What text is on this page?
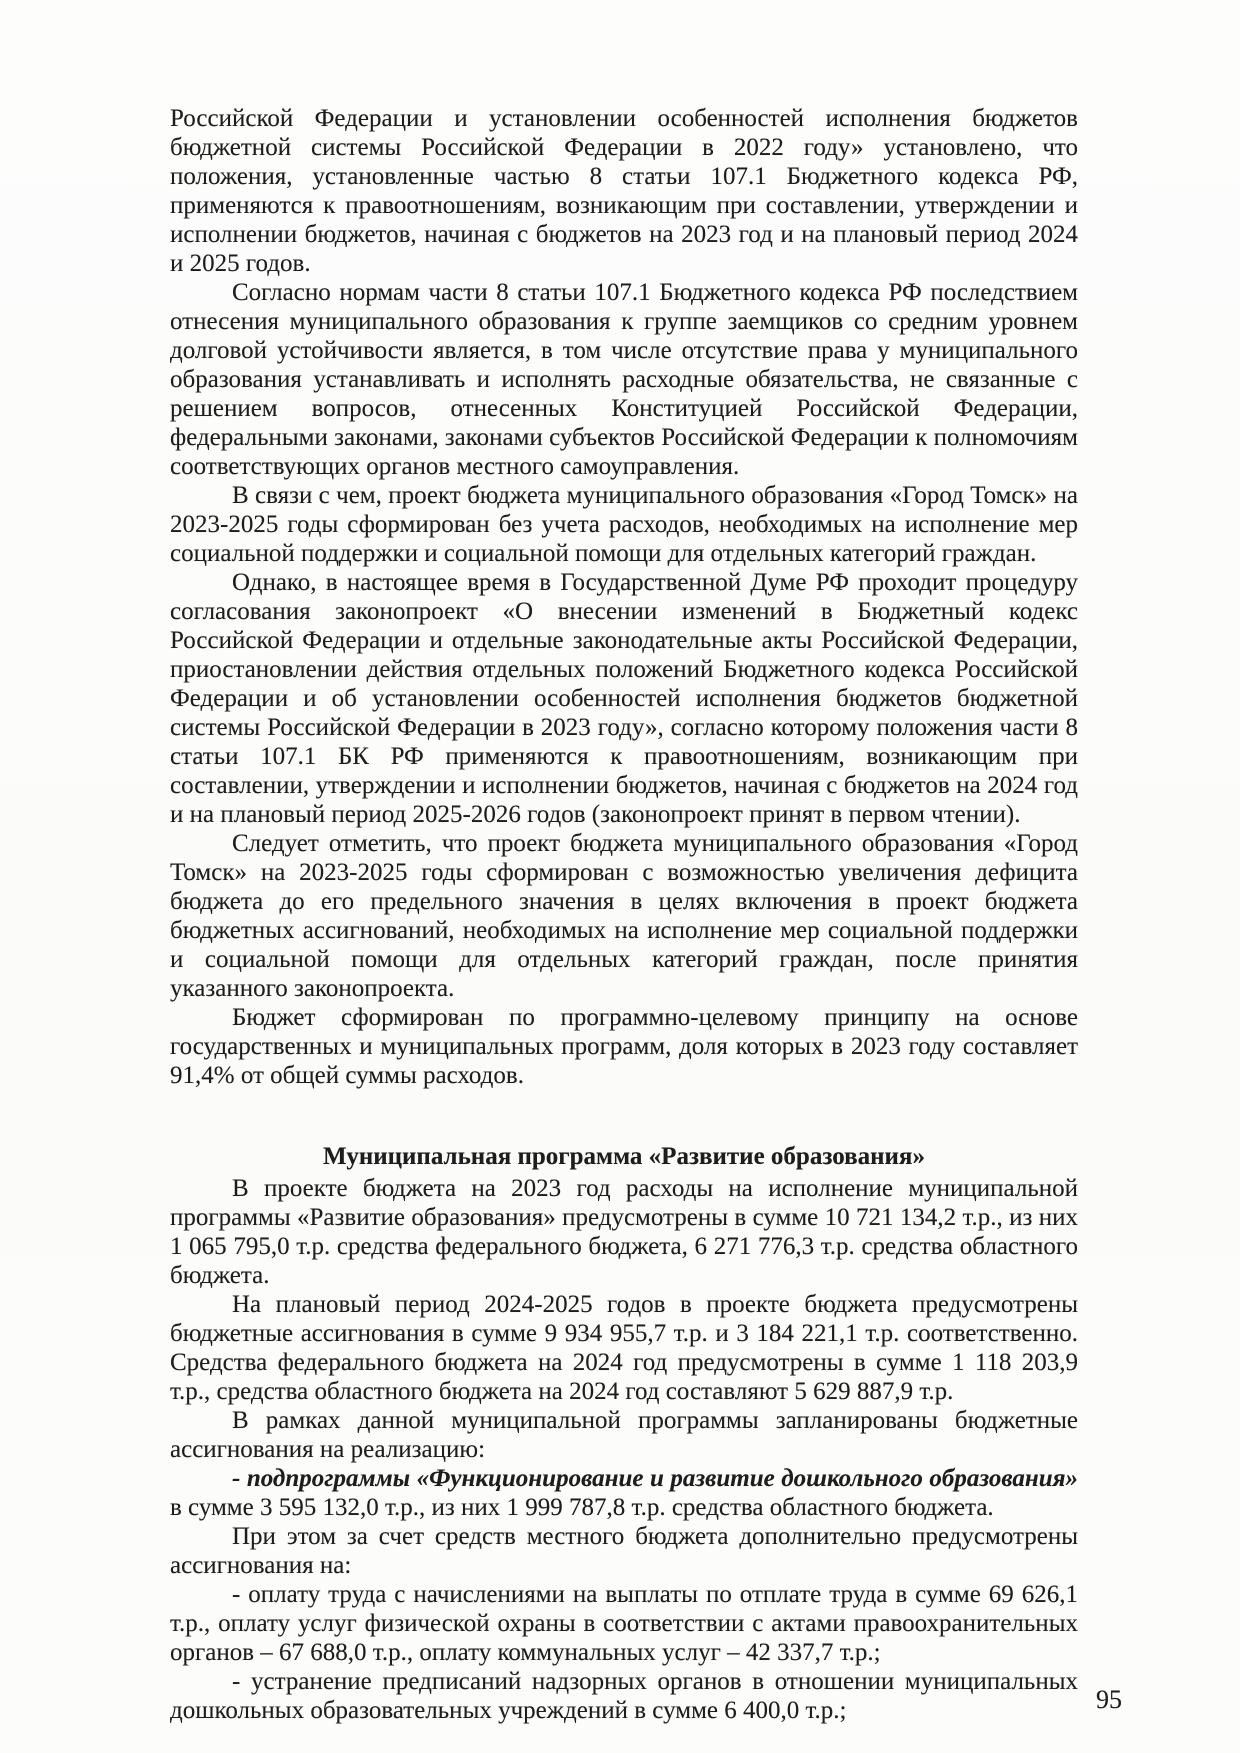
Российской Федерации и установлении особенностей исполнения бюджетов бюджетной системы Российской Федерации в 2022 году» установлено, что положения, установленные частью 8 статьи 107.1 Бюджетного кодекса РФ, применяются к правоотношениям, возникающим при составлении, утверждении и исполнении бюджетов, начиная с бюджетов на 2023 год и на плановый период 2024 и 2025 годов.

Согласно нормам части 8 статьи 107.1 Бюджетного кодекса РФ последствием отнесения муниципального образования к группе заемщиков со средним уровнем долговой устойчивости является, в том числе отсутствие права у муниципального образования устанавливать и исполнять расходные обязательства, не связанные с решением вопросов, отнесенных Конституцией Российской Федерации, федеральными законами, законами субъектов Российской Федерации к полномочиям соответствующих органов местного самоуправления.

В связи с чем, проект бюджета муниципального образования «Город Томск» на 2023-2025 годы сформирован без учета расходов, необходимых на исполнение мер социальной поддержки и социальной помощи для отдельных категорий граждан.

Однако, в настоящее время в Государственной Думе РФ проходит процедуру согласования законопроект «О внесении изменений в Бюджетный кодекс Российской Федерации и отдельные законодательные акты Российской Федерации, приостановлении действия отдельных положений Бюджетного кодекса Российской Федерации и об установлении особенностей исполнения бюджетов бюджетной системы Российской Федерации в 2023 году», согласно которому положения части 8 статьи 107.1 БК РФ применяются к правоотношениям, возникающим при составлении, утверждении и исполнении бюджетов, начиная с бюджетов на 2024 год и на плановый период 2025-2026 годов (законопроект принят в первом чтении).

Следует отметить, что проект бюджета муниципального образования «Город Томск» на 2023-2025 годы сформирован с возможностью увеличения дефицита бюджета до его предельного значения в целях включения в проект бюджета бюджетных ассигнований, необходимых на исполнение мер социальной поддержки и социальной помощи для отдельных категорий граждан, после принятия указанного законопроекта.

Бюджет сформирован по программно-целевому принципу на основе государственных и муниципальных программ, доля которых в 2023 году составляет 91,4% от общей суммы расходов.

Муниципальная программа «Развитие образования»

В проекте бюджета на 2023 год расходы на исполнение муниципальной программы «Развитие образования» предусмотрены в сумме 10 721 134,2 т.р., из них 1 065 795,0 т.р. средства федерального бюджета, 6 271 776,3 т.р. средства областного бюджета.

На плановый период 2024-2025 годов в проекте бюджета предусмотрены бюджетные ассигнования в сумме 9 934 955,7 т.р. и 3 184 221,1 т.р. соответственно. Средства федерального бюджета на 2024 год предусмотрены в сумме 1 118 203,9 т.р., средства областного бюджета на 2024 год составляют 5 629 887,9 т.р.

В рамках данной муниципальной программы запланированы бюджетные ассигнования на реализацию:

- подпрограммы «Функционирование и развитие дошкольного образования» в сумме 3 595 132,0 т.р., из них 1 999 787,8 т.р. средства областного бюджета.

При этом за счет средств местного бюджета дополнительно предусмотрены ассигнования на:

- оплату труда с начислениями на выплаты по отплате труда в сумме 69 626,1 т.р., оплату услуг физической охраны в соответствии с актами правоохранительных органов – 67 688,0 т.р., оплату коммунальных услуг – 42 337,7 т.р.;

- устранение предписаний надзорных органов в отношении муниципальных дошкольных образовательных учреждений в сумме 6 400,0 т.р.;	95
